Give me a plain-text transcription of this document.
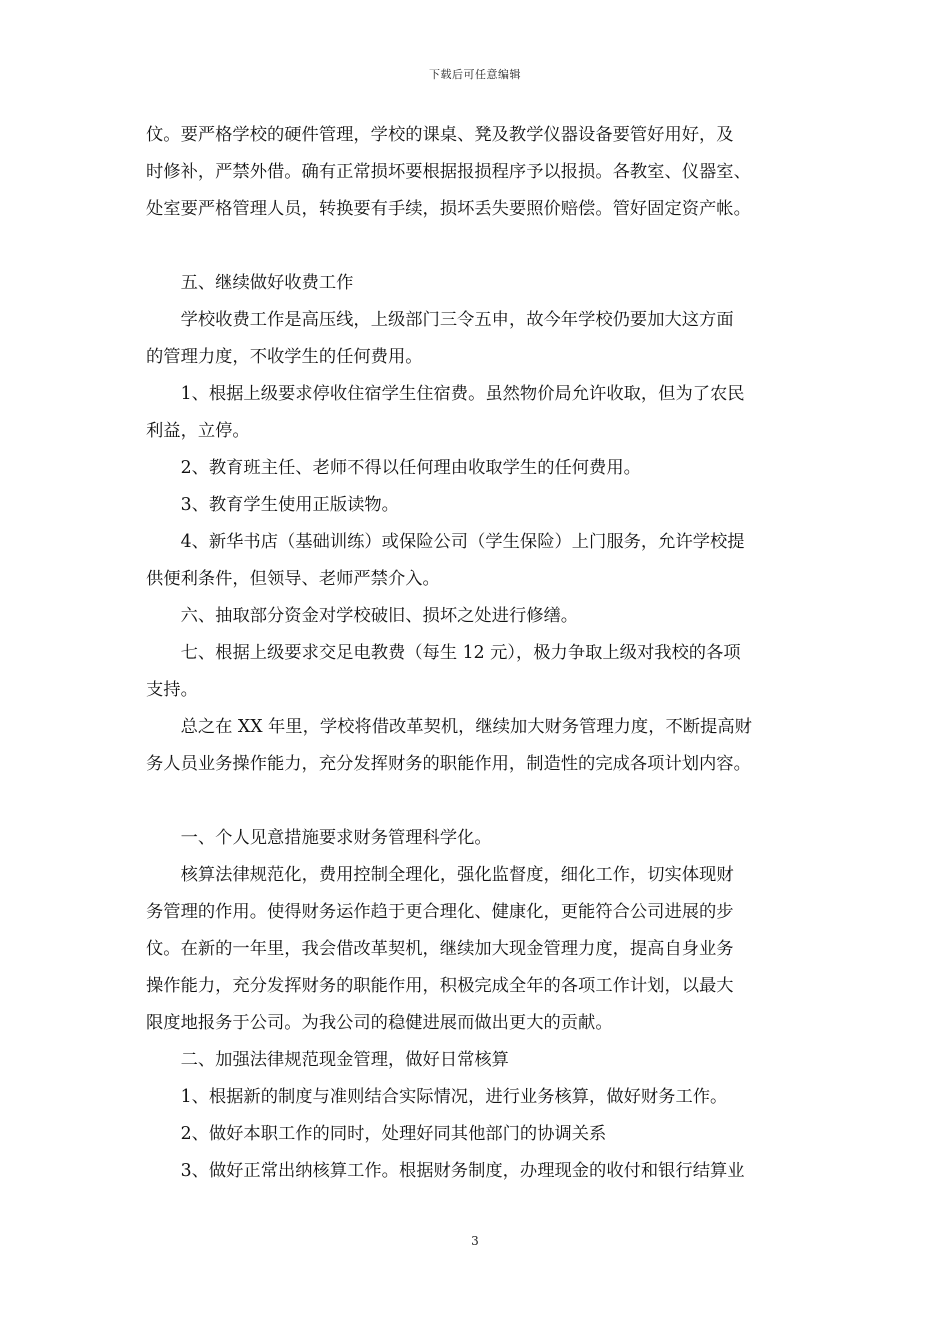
下载后可任意编辑

伩。要严格学校的硬件管理，学校的课桌、凳及教学仪器设备要管好用好，及

时修补，严禁外借。确有正常损坏要根据报损程序予以报损。各教室、仪器室、

处室要严格管理人员，转换要有手续，损坏丢失要照价赔偿。管好固定资产帐。

五、继续做好收费工作

学校收费工作是高压线，上级部门三令五申，故今年学校仍要加大这方面

的管理力度，不收学生的任何费用。

1、根据上级要求停收住宿学生住宿费。虽然物价局允许收取，但为了农民

利益，立停。

2、教育班主任、老师不得以任何理由收取学生的任何费用。

3、教育学生使用正版读物。

4、新华书店（基础训练）或保险公司（学生保险）上门服务，允许学校提

供便利条件，但领导、老师严禁介入。

六、抽取部分资金对学校破旧、损坏之处进行修缮。

七、根据上级要求交足电教费（每生 12 元），极力争取上级对我校的各项

支持。

总之在 XX 年里，学校将借改革契机，继续加大财务管理力度，不断提高财

务人员业务操作能力，充分发挥财务的职能作用，制造性的完成各项计划内容。

一、个人见意措施要求财务管理科学化。

核算法律规范化，费用控制全理化，强化监督度，细化工作，切实体现财

务管理的作用。使得财务运作趋于更合理化、健康化，更能符合公司进展的步

伩。在新的一年里，我会借改革契机，继续加大现金管理力度，提高自身业务

操作能力，充分发挥财务的职能作用，积极完成全年的各项工作计划，以最大

限度地报务于公司。为我公司的稳健进展而做出更大的贡献。

二、加强法律规范现金管理，做好日常核算

1、根据新的制度与准则结合实际情况，进行业务核算，做好财务工作。

2、做好本职工作的同时，处理好同其他部门的协调关系

3、做好正常出纳核算工作。根据财务制度，办理现金的收付和银行结算业

3
